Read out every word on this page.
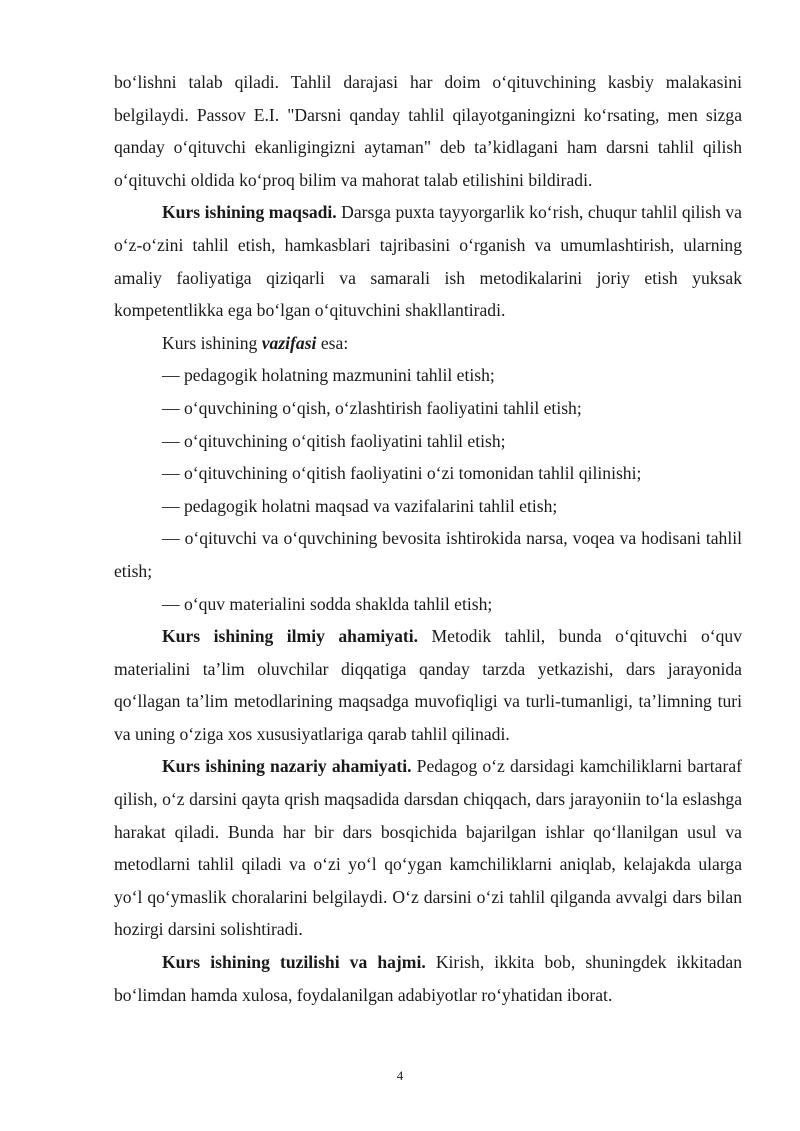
bo‘lishni talab qiladi. Tahlil darajasi har doim o‘qituvchining kasbiy malakasini belgilaydi. Passov E.I. "Darsni qanday tahlil qilayotganingizni ko‘rsating, men sizga qanday o‘qituvchi ekanligingizni aytaman" deb ta’kidlagani ham darsni tahlil qilish o‘qituvchi oldida ko‘proq bilim va mahorat talab etilishini bildiradi.

Kurs ishining maqsadi. Darsga puxta tayyorgarlik ko‘rish, chuqur tahlil qilish va o‘z-o‘zini tahlil etish, hamkasblari tajribasini o‘rganish va umumlashtirish, ularning amaliy faoliyatiga qiziqarli va samarali ish metodikalarini joriy etish yuksak kompetentlikka ega bo‘lgan o‘qituvchini shakllantiradi.

Kurs ishining vazifasi esa:

— pedagogik holatning mazmunini tahlil etish;

— o‘quvchining o‘qish, o‘zlashtirish faoliyatini tahlil etish;

— o‘qituvchining o‘qitish faoliyatini tahlil etish;

— o‘qituvchining o‘qitish faoliyatini o‘zi tomonidan tahlil qilinishi;

— pedagogik holatni maqsad va vazifalarini tahlil etish;

— o‘qituvchi va o‘quvchining bevosita ishtirokida narsa, voqea va hodisani tahlil etish;

— o‘quv materialini sodda shaklda tahlil etish;

Kurs ishining ilmiy ahamiyati. Metodik tahlil, bunda o‘qituvchi o‘quv materialini ta’lim oluvchilar diqqatiga qanday tarzda yetkazishi, dars jarayonida qo‘llagan ta’lim metodlarining maqsadga muvofiqligi va turli-tumanligi, ta’limning turi va uning o‘ziga xos xususiyatlariga qarab tahlil qilinadi.

Kurs ishining nazariy ahamiyati. Pedagog o‘z darsidagi kamchiliklarni bartaraf qilish, o‘z darsini qayta qrish maqsadida darsdan chiqqach, dars jarayoniin to‘la eslashga harakat qiladi. Bunda har bir dars bosqichida bajarilgan ishlar qo‘llanilgan usul va metodlarni tahlil qiladi va o‘zi yo‘l qo‘ygan kamchiliklarni aniqlab, kelajakda ularga yo‘l qo‘ymaslik choralarini belgilaydi. O‘z darsini o‘zi tahlil qilganda avvalgi dars bilan hozirgi darsini solishtiradi.

Kurs ishining tuzilishi va hajmi. Kirish, ikkita bob, shuningdek ikkitadan bo‘limdan hamda xulosa, foydalanilgan adabiyotlar ro‘yhatidan iborat.

4
